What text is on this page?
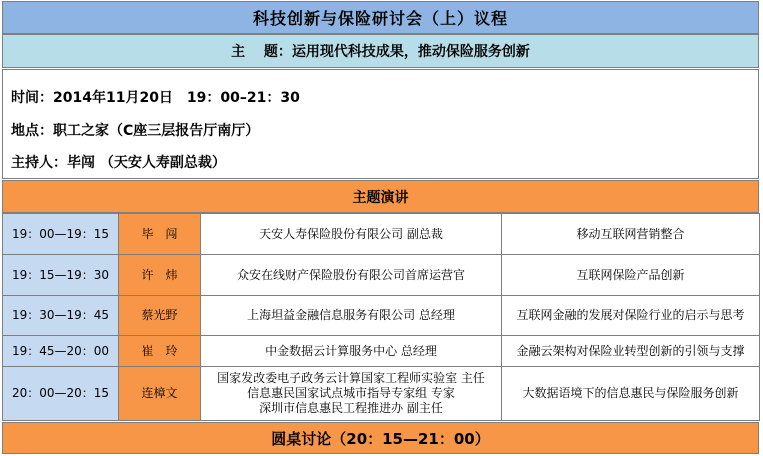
科技创新与保险研讨会（上）议程
主　 题： 运用现代科技成果，推动保险服务创新
时间：2014年11月20日　19：00–21：30
地点：职工之家（C座三层报告厅南厅）
主持人：毕闯 （天安人寿副总裁）
主题演讲
19：00—19：15	毕　闯	天安人寿保险股份有限公司 副总裁	移动互联网营销整合
19：15—19：30	许　炜	众安在线财产保险股份有限公司首席运营官	互联网保险产品创新
19：30—19：45	蔡光野	上海坦益金融信息服务有限公司 总经理	互联网金融的发展对保险行业的启示与思考
19：45—20：00	崔　玲	中金数据云计算服务中心 总经理	金融云架构对保险业转型创新的引领与支撑
20：00—20：15	连樟文	国家发改委电子政务云计算国家工程师实验室 主任
信息惠民国家试点城市指导专家组 专家
深圳市信息惠民工程推进办 副主任	大数据语境下的信息惠民与保险服务创新
圆桌讨论（20：15—21：00）
